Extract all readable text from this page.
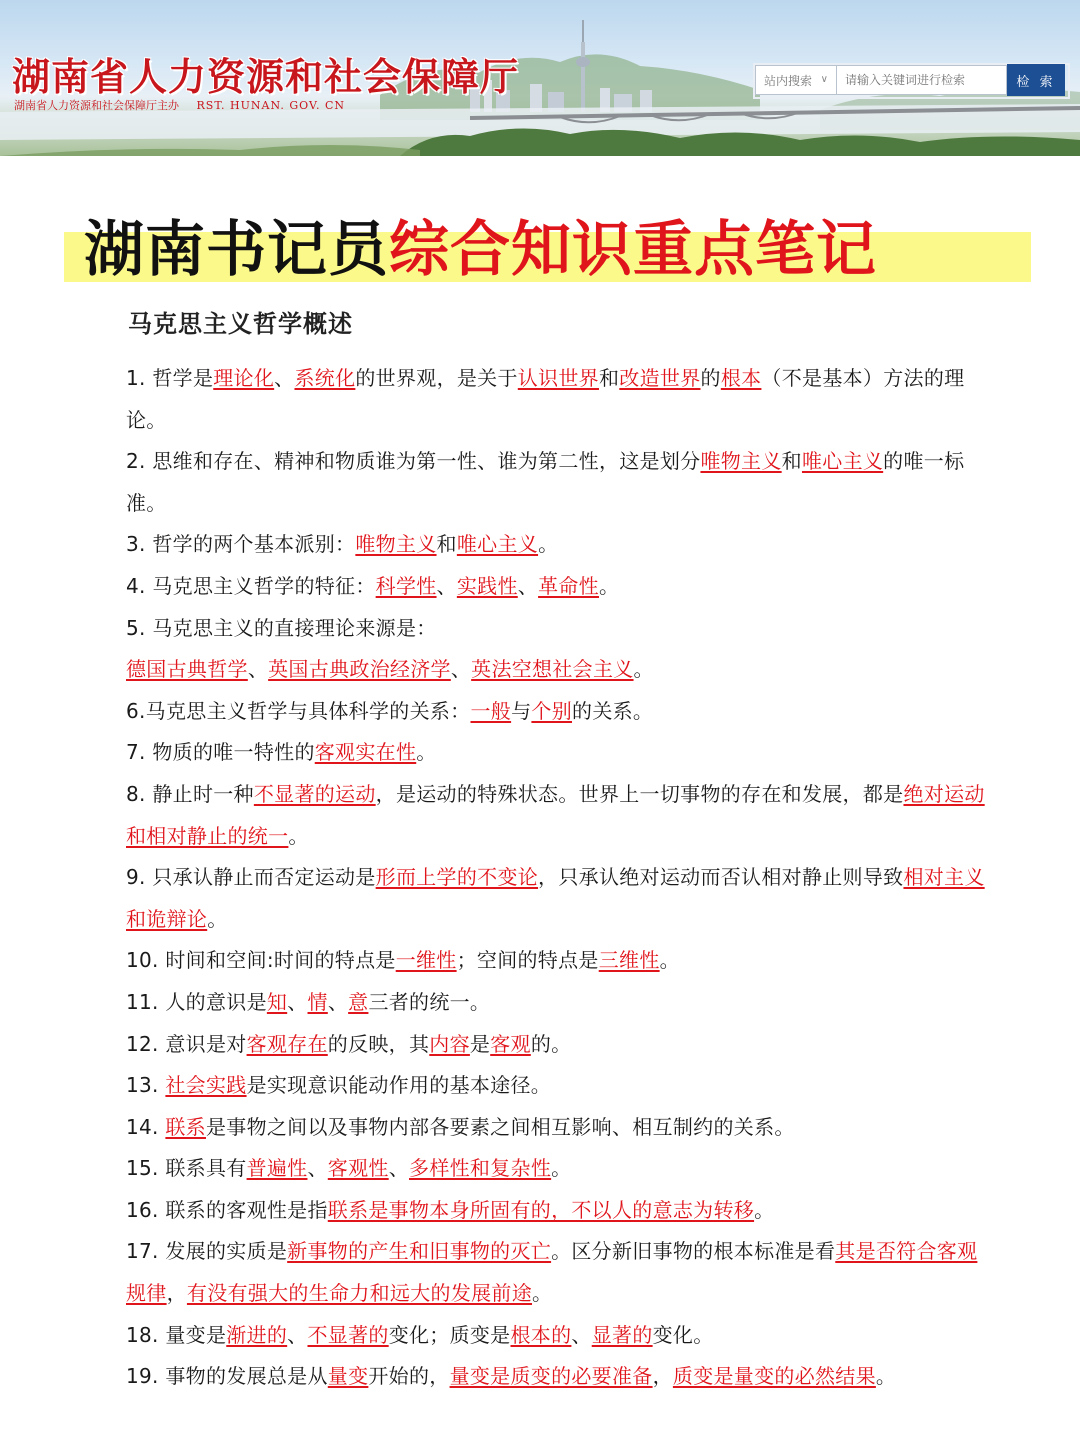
湖南省人力资源和社会保障厅
湖南省人力资源和社会保障厅主办 RST. HUNAN. GOV. CN
站内搜索 ∨
请输入关键词进行检索	检 索
湖南书记员综合知识重点笔记
马克思主义哲学概述

1. 哲学是理论化、系统化的世界观，是关于认识世界和改造世界的根本（不是基本）方法的理论。

2. 思维和存在、精神和物质谁为第一性、谁为第二性，这是划分唯物主义和唯心主义的唯一标准。

3. 哲学的两个基本派别：唯物主义和唯心主义。

4. 马克思主义哲学的特征：科学性、实践性、革命性。

5. 马克思主义的直接理论来源是：
德国古典哲学、英国古典政治经济学、英法空想社会主义。

6.马克思主义哲学与具体科学的关系：一般与个别的关系。

7. 物质的唯一特性的客观实在性。

8. 静止时一种不显著的运动，是运动的特殊状态。世界上一切事物的存在和发展，都是绝对运动和相对静止的统一。

9. 只承认静止而否定运动是形而上学的不变论，只承认绝对运动而否认相对静止则导致相对主义和诡辩论。

10. 时间和空间:时间的特点是一维性；空间的特点是三维性。

11. 人的意识是知、情、意三者的统一。

12. 意识是对客观存在的反映，其内容是客观的。

13. 社会实践是实现意识能动作用的基本途径。

14. 联系是事物之间以及事物内部各要素之间相互影响、相互制约的关系。

15. 联系具有普遍性、客观性、多样性和复杂性。

16. 联系的客观性是指联系是事物本身所固有的，不以人的意志为转移。

17. 发展的实质是新事物的产生和旧事物的灭亡。区分新旧事物的根本标准是看其是否符合客观规律，有没有强大的生命力和远大的发展前途。

18. 量变是渐进的、不显著的变化；质变是根本的、显著的变化。

19. 事物的发展总是从量变开始的，量变是质变的必要准备，质变是量变的必然结果。
